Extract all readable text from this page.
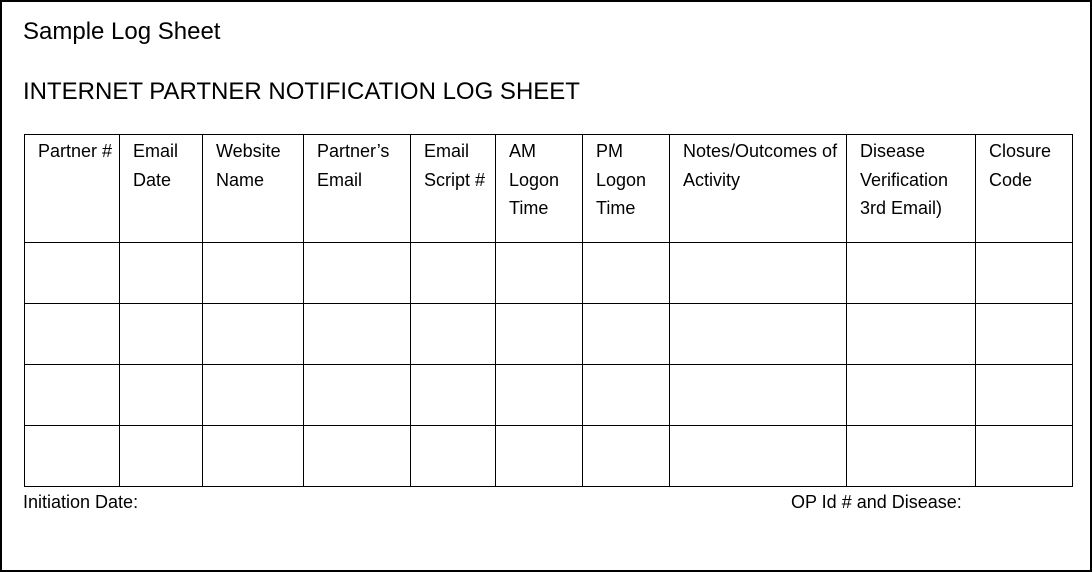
Sample Log Sheet
INTERNET PARTNER NOTIFICATION LOG SHEET
Partner #	Email Date	Website Name	Partner’s Email	Email Script #	AM Logon Time	PM Logon Time	Notes/Outcomes of Activity	Disease Verification 3rd Email)	Closure Code

Initiation Date:	OP Id # and Disease:
